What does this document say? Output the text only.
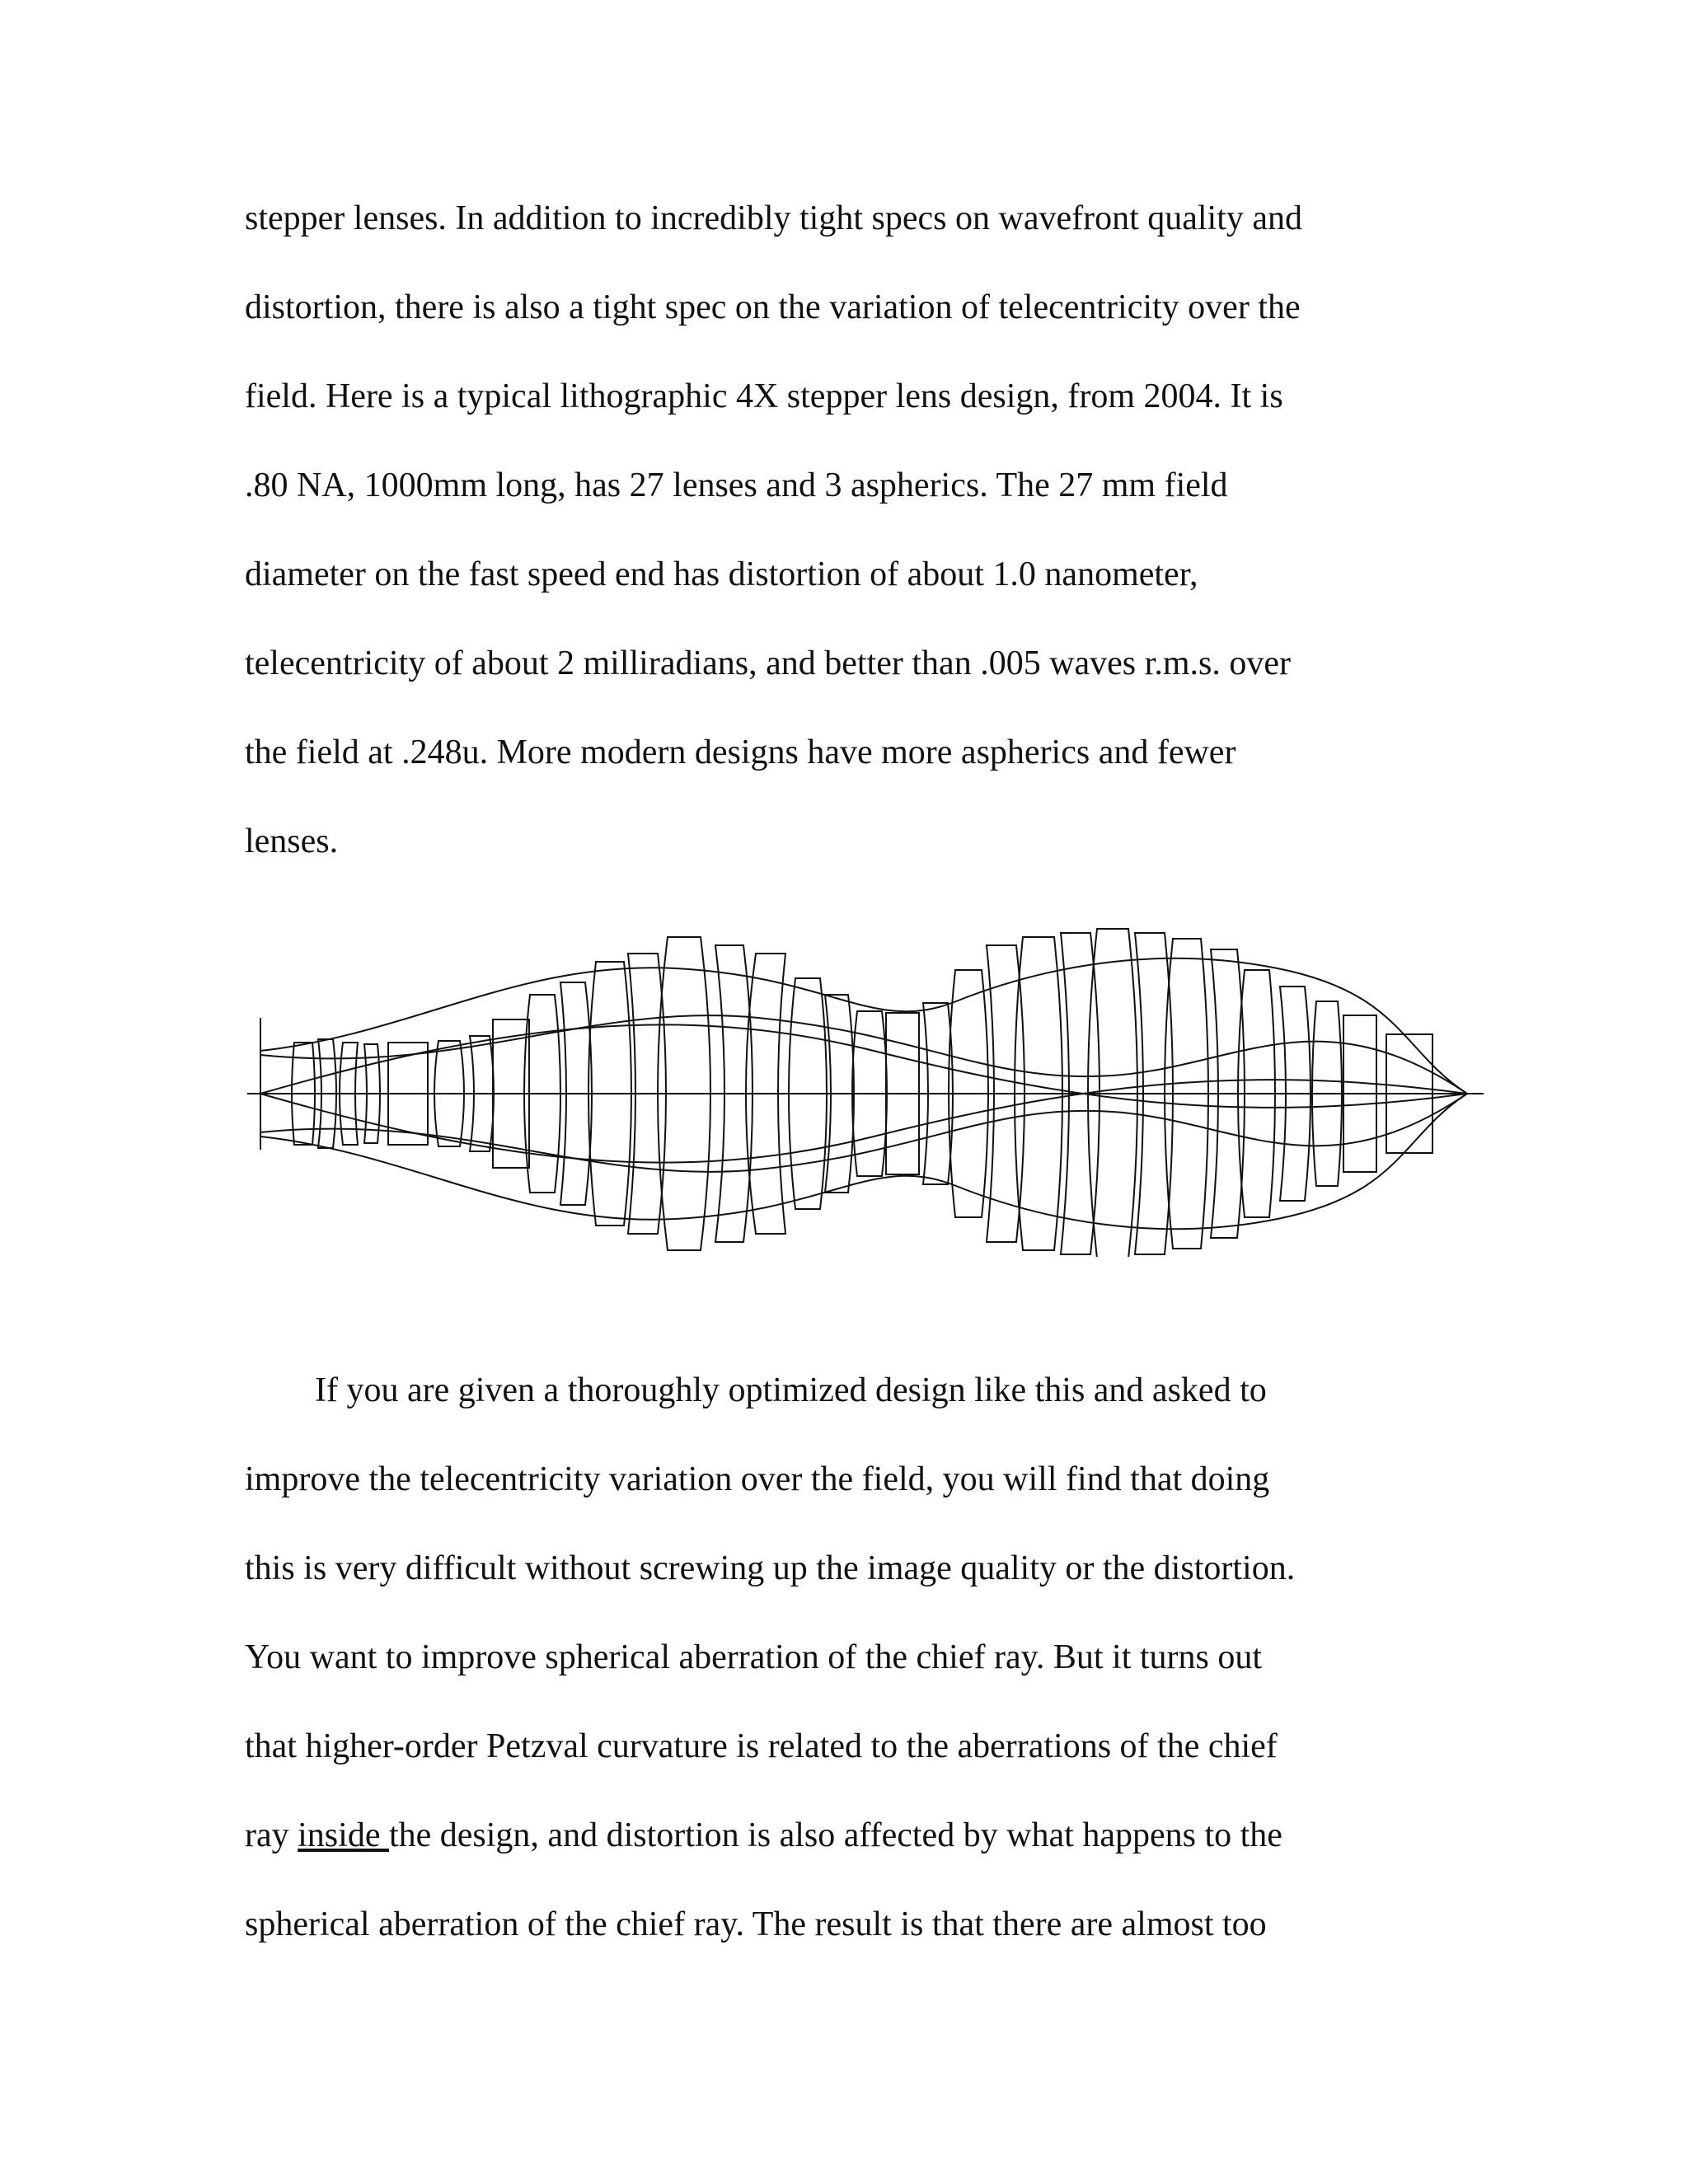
stepper lenses. In addition to incredibly tight specs on wavefront quality and
distortion, there is also a tight spec on the variation of telecentricity over the
field. Here is a typical lithographic 4X stepper lens design, from 2004. It is
.80 NA, 1000mm long, has 27 lenses and 3 aspherics. The 27 mm field
diameter on the fast speed end has distortion of about 1.0 nanometer,
telecentricity of about 2 milliradians, and better than .005 waves r.m.s. over
the field at .248u. More modern designs have more aspherics and fewer
lenses.

If you are given a thoroughly optimized design like this and asked to
improve the telecentricity variation over the field, you will find that doing
this is very difficult without screwing up the image quality or the distortion.
You want to improve spherical aberration of the chief ray. But it turns out
that higher-order Petzval curvature is related to the aberrations of the chief
ray inside the design, and distortion is also affected by what happens to the
spherical aberration of the chief ray. The result is that there are almost too
